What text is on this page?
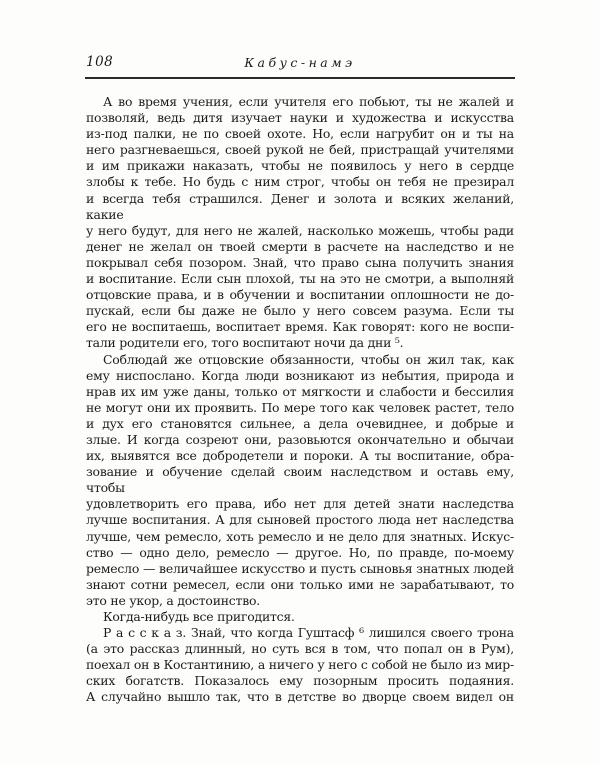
108	Кабус-намэ
А во время учения, если учителя его побьют, ты не жалей и
позволяй, ведь дитя изучает науки и художества и искусства
из-под палки, не по своей охоте. Но, если нагрубит он и ты на
него разгневаешься, своей рукой не бей, пристращай учителями
и им прикажи наказать, чтобы не появилось у него в сердце
злобы к тебе. Но будь с ним строг, чтобы он тебя не презирал
и всегда тебя страшился. Денег и золота и всяких желаний, какие
у него будут, для него не жалей, насколько можешь, чтобы ради
денег не желал он твоей смерти в расчете на наследство и не
покрывал себя позором. Знай, что право сына получить знания
и воспитание. Если сын плохой, ты на это не смотри, а выполняй
отцовские права, и в обучении и воспитании оплошности не до-
пускай, если бы даже не было у него совсем разума. Если ты
его не воспитаешь, воспитает время. Как говорят: кого не воспи-
тали родители его, того воспитают ночи да дни ⁵.
Соблюдай же отцовские обязанности, чтобы он жил так, как
ему ниспослано. Когда люди возникают из небытия, природа и
нрав их им уже даны, только от мягкости и слабости и бессилия
не могут они их проявить. По мере того как человек растет, тело
и дух его становятся сильнее, а дела очевиднее, и добрые и
злые. И когда созреют они, разовьются окончательно и обычаи
их, выявятся все добродетели и пороки. А ты воспитание, обра-
зование и обучение сделай своим наследством и оставь ему, чтобы
удовлетворить его права, ибо нет для детей знати наследства
лучше воспитания. А для сыновей простого люда нет наследства
лучше, чем ремесло, хоть ремесло и не дело для знатных. Искус-
ство — одно дело, ремесло — другое. Но, по правде, по-моему
ремесло — величайшее искусство и пусть сыновья знатных людей
знают сотни ремесел, если они только ими не зарабатывают, то
это не укор, а достоинство.
Когда-нибудь все пригодится.
Р а с с к а з. Знай, что когда Гуштасф ⁶ лишился своего трона
(а это рассказ длинный, но суть вся в том, что попал он в Рум),
поехал он в Костантинию, а ничего у него с собой не было из мир-
ских богатств. Показалось ему позорным просить подаяния.
А случайно вышло так, что в детстве во дворце своем видел он
